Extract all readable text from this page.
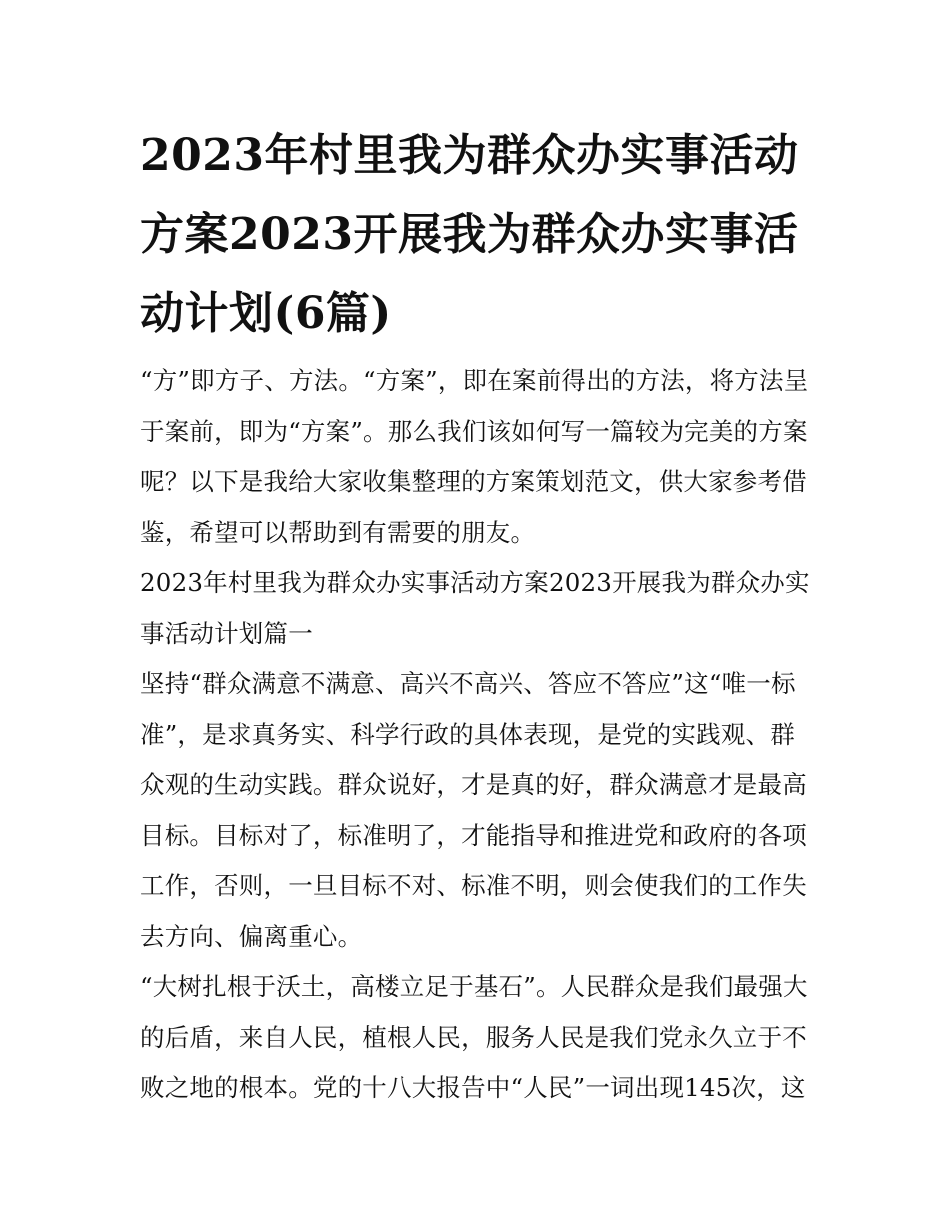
2023年村里我为群众办实事活动方案2023开展我为群众办实事活动计划(6篇)

“方”即方子、方法。“方案”，即在案前得出的方法，将方法呈于案前，即为“方案”。那么我们该如何写一篇较为完美的方案呢？以下是我给大家收集整理的方案策划范文，供大家参考借鉴，希望可以帮助到有需要的朋友。

2023年村里我为群众办实事活动方案2023开展我为群众办实事活动计划篇一

坚持“群众满意不满意、高兴不高兴、答应不答应”这“唯一标准”，是求真务实、科学行政的具体表现，是党的实践观、群众观的生动实践。群众说好，才是真的好，群众满意才是最高目标。目标对了，标准明了，才能指导和推进党和政府的各项工作，否则，一旦目标不对、标准不明，则会使我们的工作失去方向、偏离重心。

“大树扎根于沃土，高楼立足于基石”。人民群众是我们最强大的后盾，来自人民，植根人民，服务人民是我们党永久立于不败之地的根本。党的十八大报告中“人民”一词出现145次，这
